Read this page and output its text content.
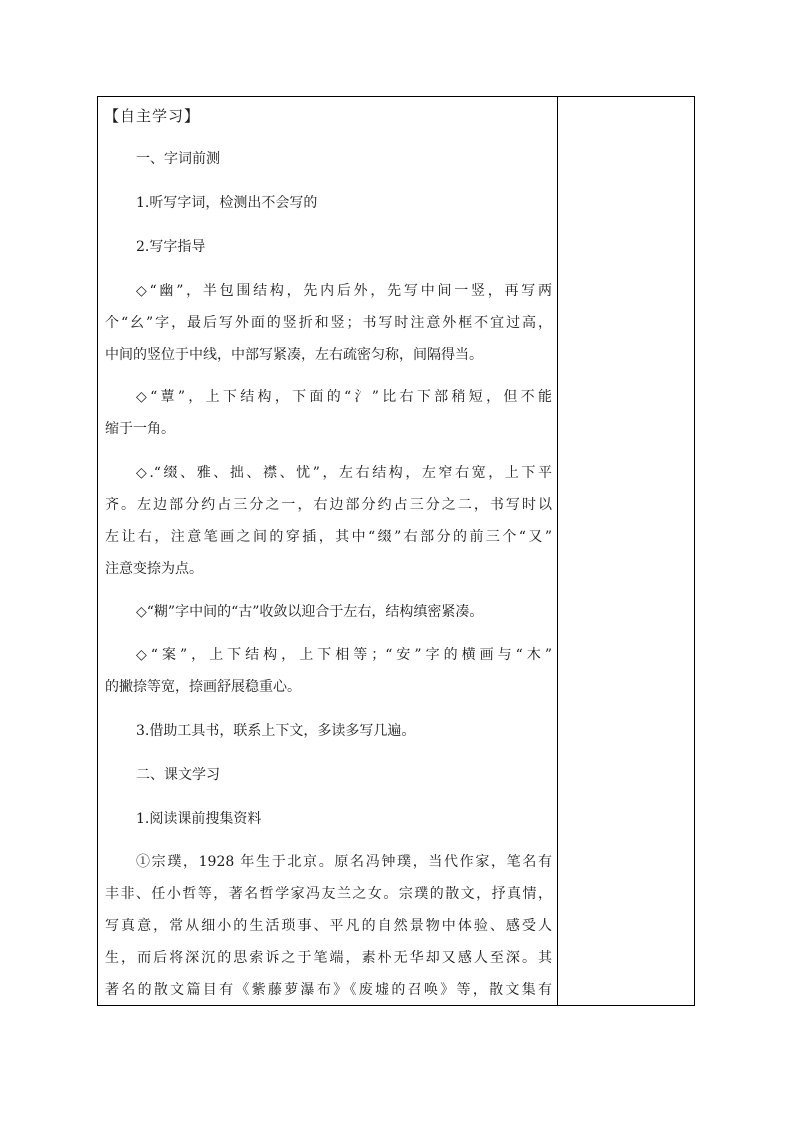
【自主学习】
一、字词前测
1.听写字词，检测出不会写的
2.写字指导
◇“幽”，半包围结构，先内后外，先写中间一竖，再写两
个“幺”字，最后写外面的竖折和竖；书写时注意外框不宜过高，
中间的竖位于中线，中部写紧凑，左右疏密匀称，间隔得当。
◇“蕈”，上下结构，下面的“氵”比右下部稍短，但不能
缩于一角。
◇.“缀、雅、拙、襟、忧”，左右结构，左窄右宽，上下平
齐。左边部分约占三分之一，右边部分约占三分之二，书写时以
左让右，注意笔画之间的穿插，其中“缀”右部分的前三个“又”
注意变捺为点。
◇“糊”字中间的“古”收敛以迎合于左右，结构缜密紧凑。
◇“案”，上下结构，上下相等；“安”字的横画与“木”
的撇捺等宽，捺画舒展稳重心。
3.借助工具书，联系上下文，多读多写几遍。
二、课文学习
1.阅读课前搜集资料
①宗璞，1928 年生于北京。原名冯钟璞，当代作家，笔名有
丰非、任小哲等，著名哲学家冯友兰之女。宗璞的散文，抒真情，
写真意，常从细小的生活琐事、平凡的自然景物中体验、感受人
生，而后将深沉的思索诉之于笔端，素朴无华却又感人至深。其
著名的散文篇目有《紫藤萝瀑布》《废墟的召唤》等，散文集有
